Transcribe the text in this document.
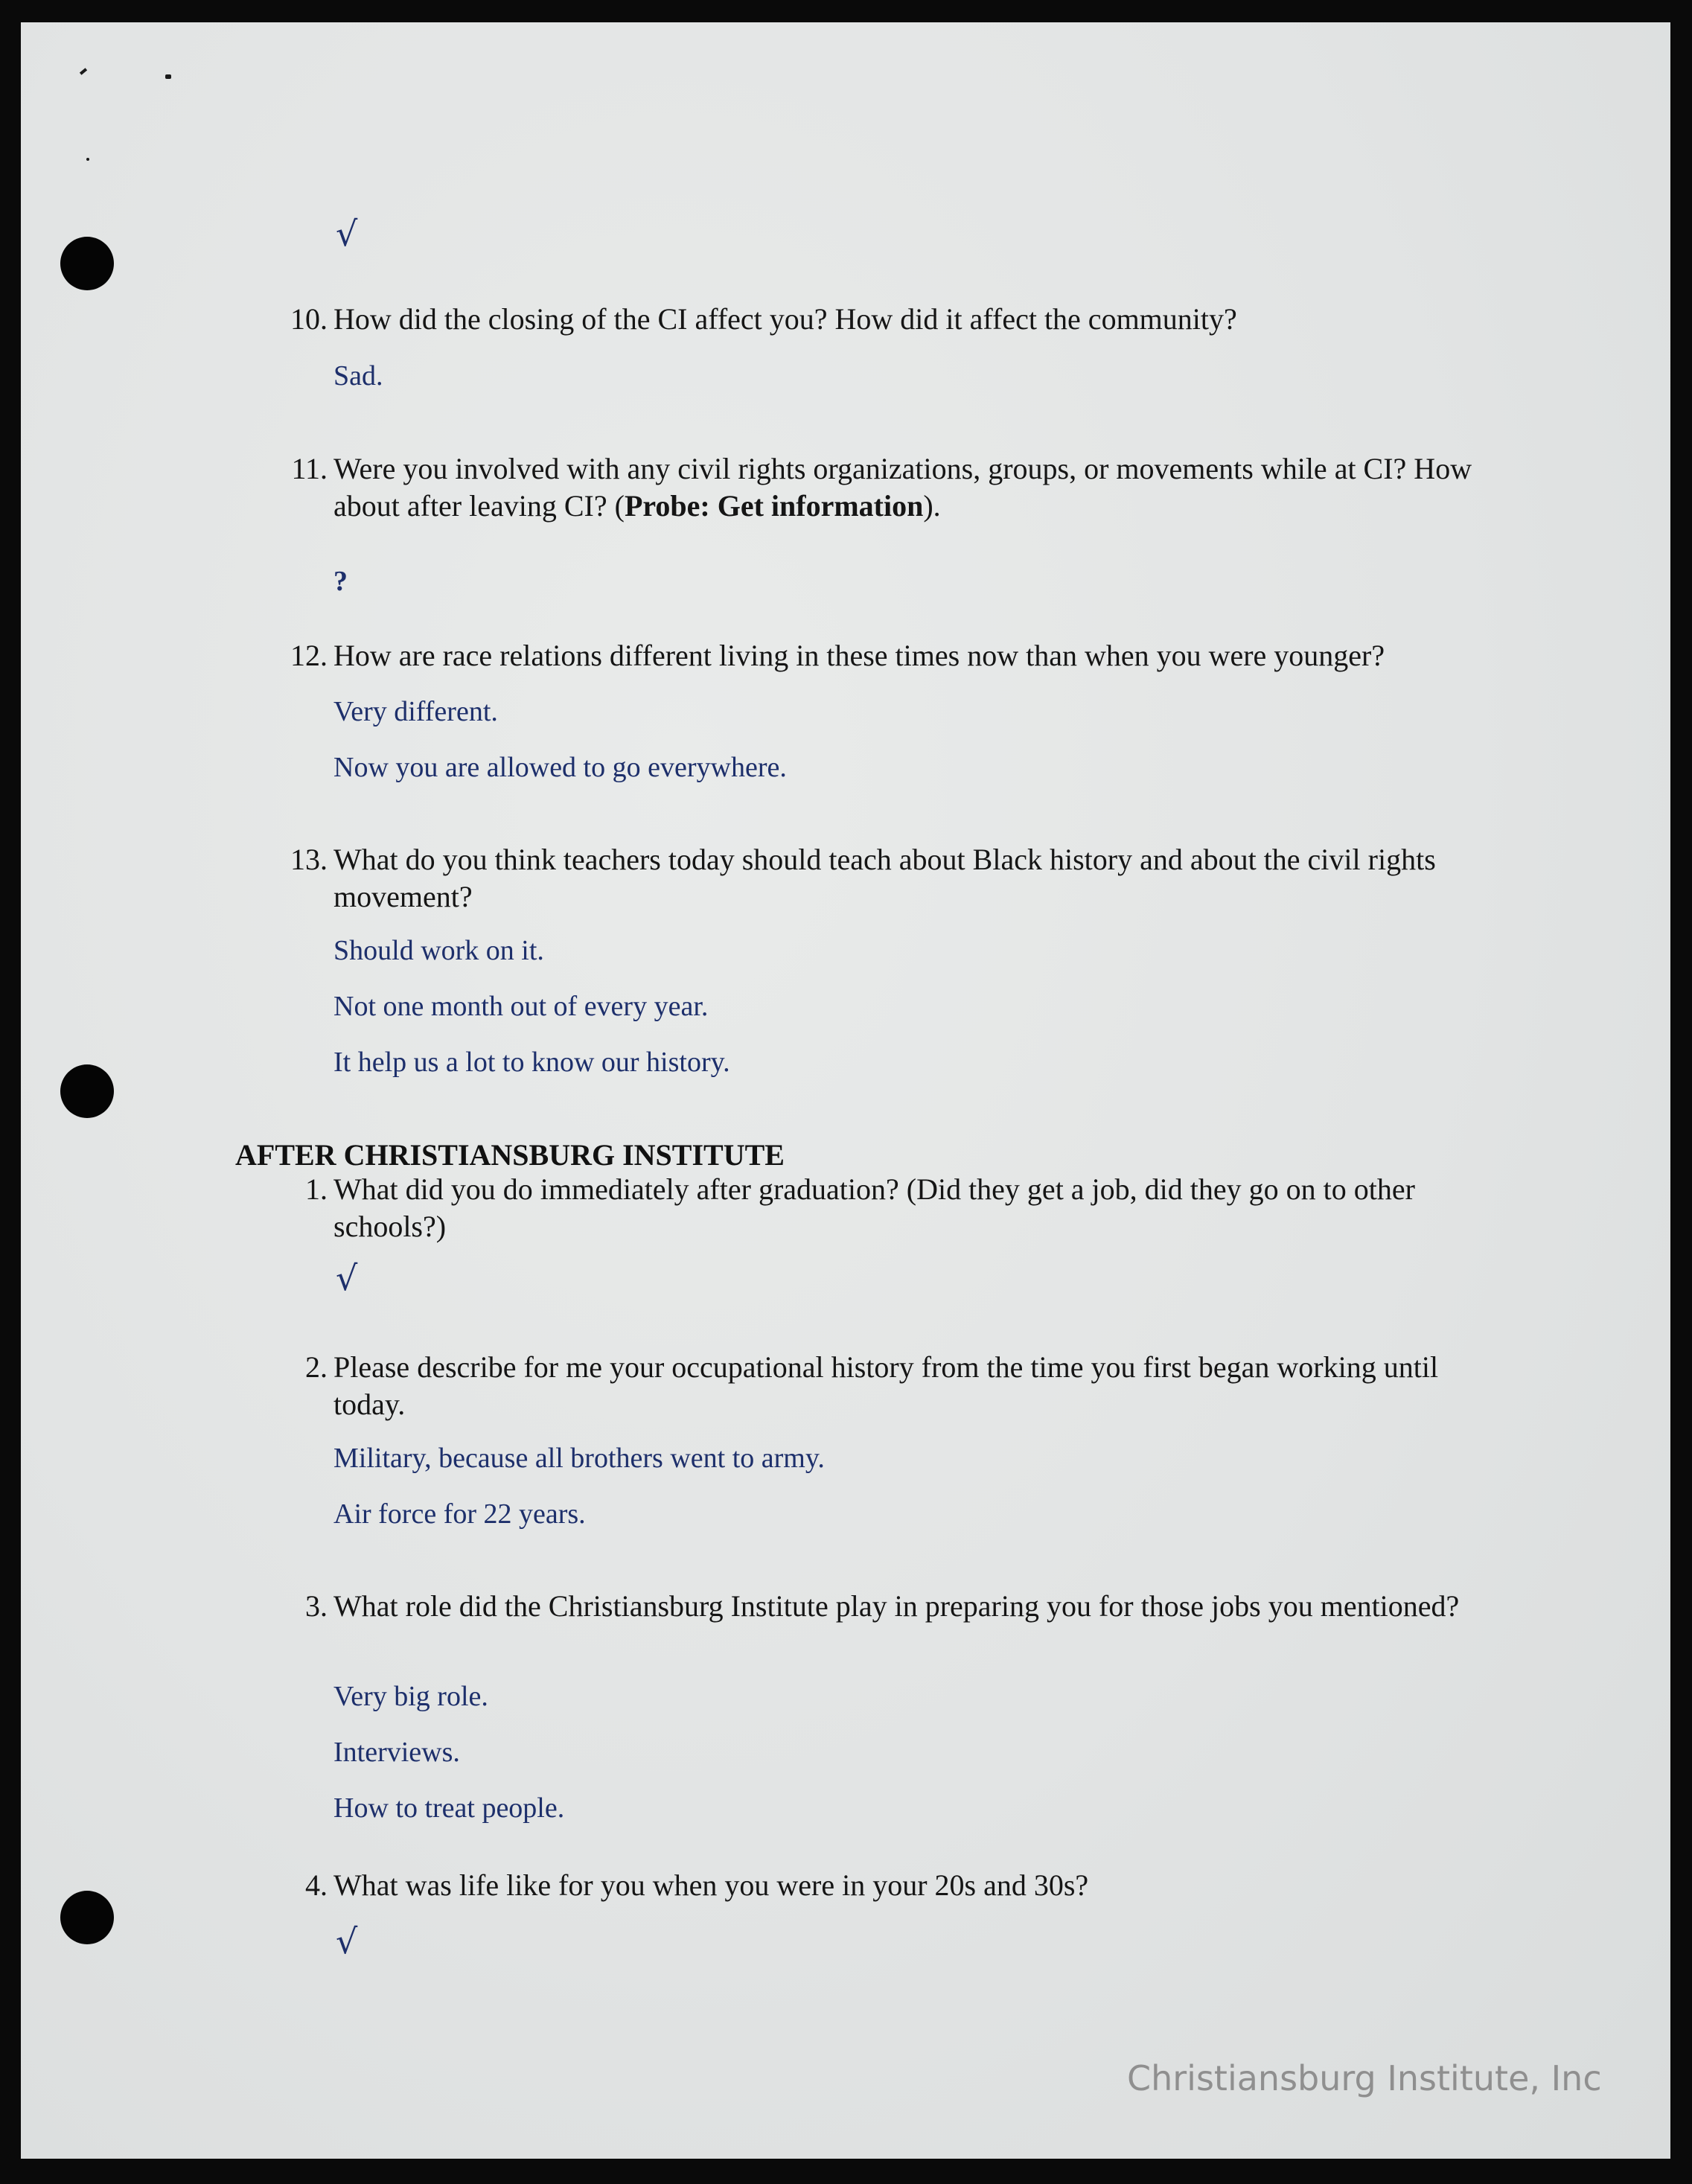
√
10. How did the closing of the CI affect you? How did it affect the community?
Sad.
11. Were you involved with any civil rights organizations, groups, or movements while at CI? How about after leaving CI? (Probe: Get information).
?
12. How are race relations different living in these times now than when you were younger?
Very different.
Now you are allowed to go everywhere.
13. What do you think teachers today should teach about Black history and about the civil rights movement?
Should work on it.
Not one month out of every year.
It help us a lot to know our history.
AFTER CHRISTIANSBURG INSTITUTE
1. What did you do immediately after graduation? (Did they get a job, did they go on to other schools?)
√
2. Please describe for me your occupational history from the time you first began working until today.
Military, because all brothers went to army.
Air force for 22 years.
3. What role did the Christiansburg Institute play in preparing you for those jobs you mentioned?
Very big role.
Interviews.
How to treat people.
4. What was life like for you when you were in your 20s and 30s?
√
Christiansburg Institute, Inc
